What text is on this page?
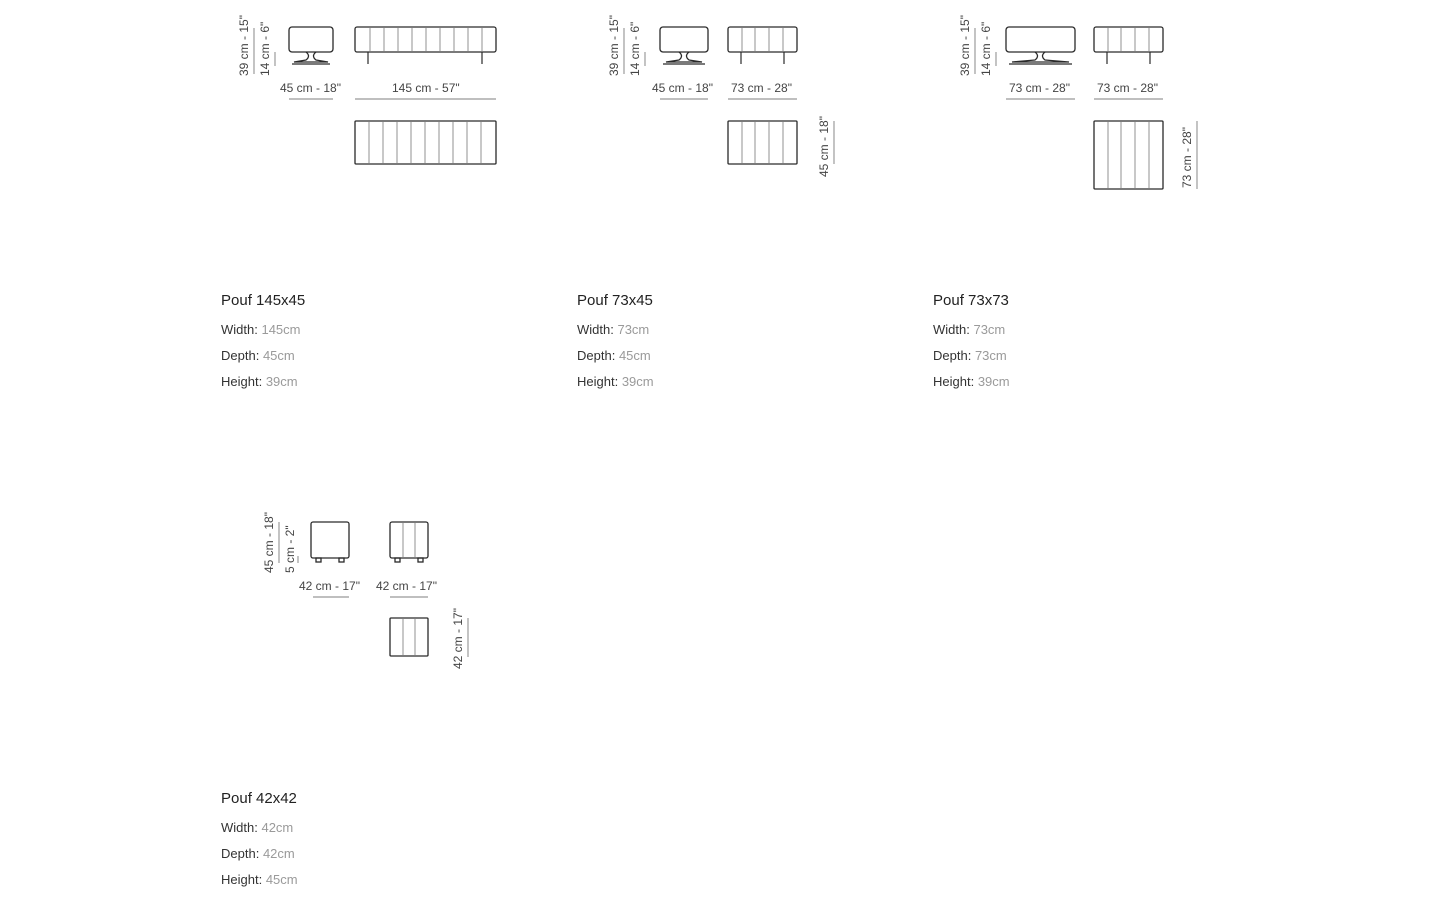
39 cm - 15" 14 cm - 6"
45 cm - 18"	145 cm - 57"
39 cm - 15" 14 cm - 6"
45 cm - 18" 73 cm - 28"
45 cm - 18"
39 cm - 15" 14 cm - 6"
73 cm - 28" 73 cm - 28"
73 cm - 28"
45 cm - 18" 5 cm - 2"
42 cm - 17" 42 cm - 17"
42 cm - 17"
Pouf 145x45
Width: 145cm
Depth: 45cm
Height: 39cm
Pouf 73x45
Width: 73cm
Depth: 45cm
Height: 39cm
Pouf 73x73
Width: 73cm
Depth: 73cm
Height: 39cm
Pouf 42x42
Width: 42cm
Depth: 42cm
Height: 45cm
